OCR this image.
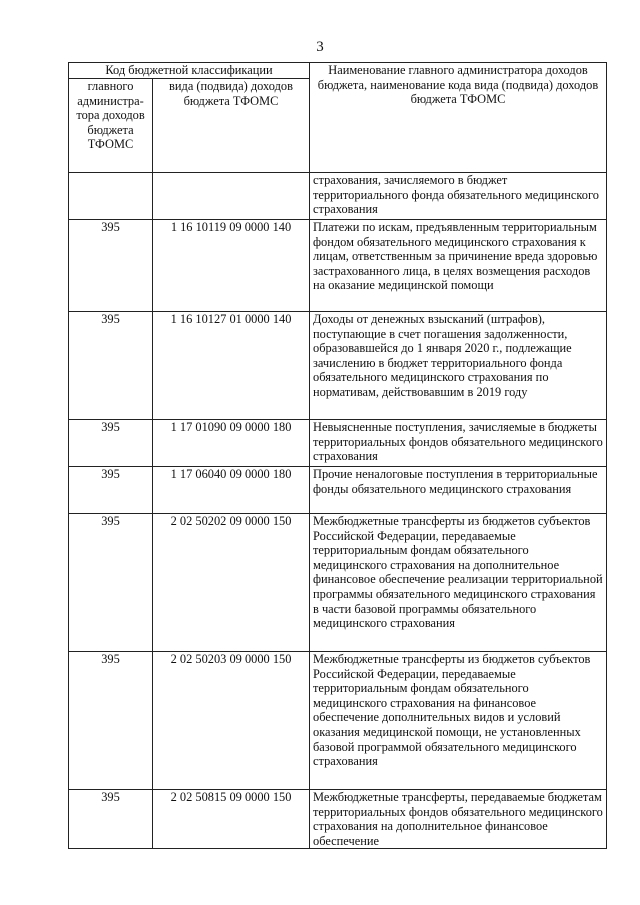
3
Код бюджетной классификации		Наименование главного администратора доходов бюджета, наименование кода вида (подвида) доходов бюджета ТФОМС
главного администра-тора доходов бюджета ТФОМС	вида (подвида) доходов бюджета ТФОМС	
		страхования, зачисляемого в бюджет территориального фонда обязательного медицинского страхования
395	1 16 10119 09 0000 140	Платежи по искам, предъявленным территориальным фондом обязательного медицинского страхования к лицам, ответственным за причинение вреда здоровью застрахованного лица, в целях возмещения расходов на оказание медицинской помощи
395	1 16 10127 01 0000 140	Доходы от денежных взысканий (штрафов), поступающие в счет погашения задолженности, образовавшейся до 1 января 2020 г., подлежащие зачислению в бюджет территориального фонда обязательного медицинского страхования по нормативам, действовавшим в 2019 году
395	1 17 01090 09 0000 180	Невыясненные поступления, зачисляемые в бюджеты территориальных фондов обязательного медицинского страхования
395	1 17 06040 09 0000 180	Прочие неналоговые поступления в территориальные фонды обязательного медицинского страхования
395	2 02 50202 09 0000 150	Межбюджетные трансферты из бюджетов субъектов Российской Федерации, передаваемые территориальным фондам обязательного медицинского страхования на дополнительное финансовое обеспечение реализации территориальной программы обязательного медицинского страхования в части базовой программы обязательного медицинского страхования
395	2 02 50203 09 0000 150	Межбюджетные трансферты из бюджетов субъектов Российской Федерации, передаваемые территориальным фондам обязательного медицинского страхования на финансовое обеспечение дополнительных видов и условий оказания медицинской помощи, не установленных базовой программой обязательного медицинского страхования
395	2 02 50815 09 0000 150	Межбюджетные трансферты, передаваемые бюджетам территориальных фондов обязательного медицинского страхования на дополнительное финансовое обеспечение
